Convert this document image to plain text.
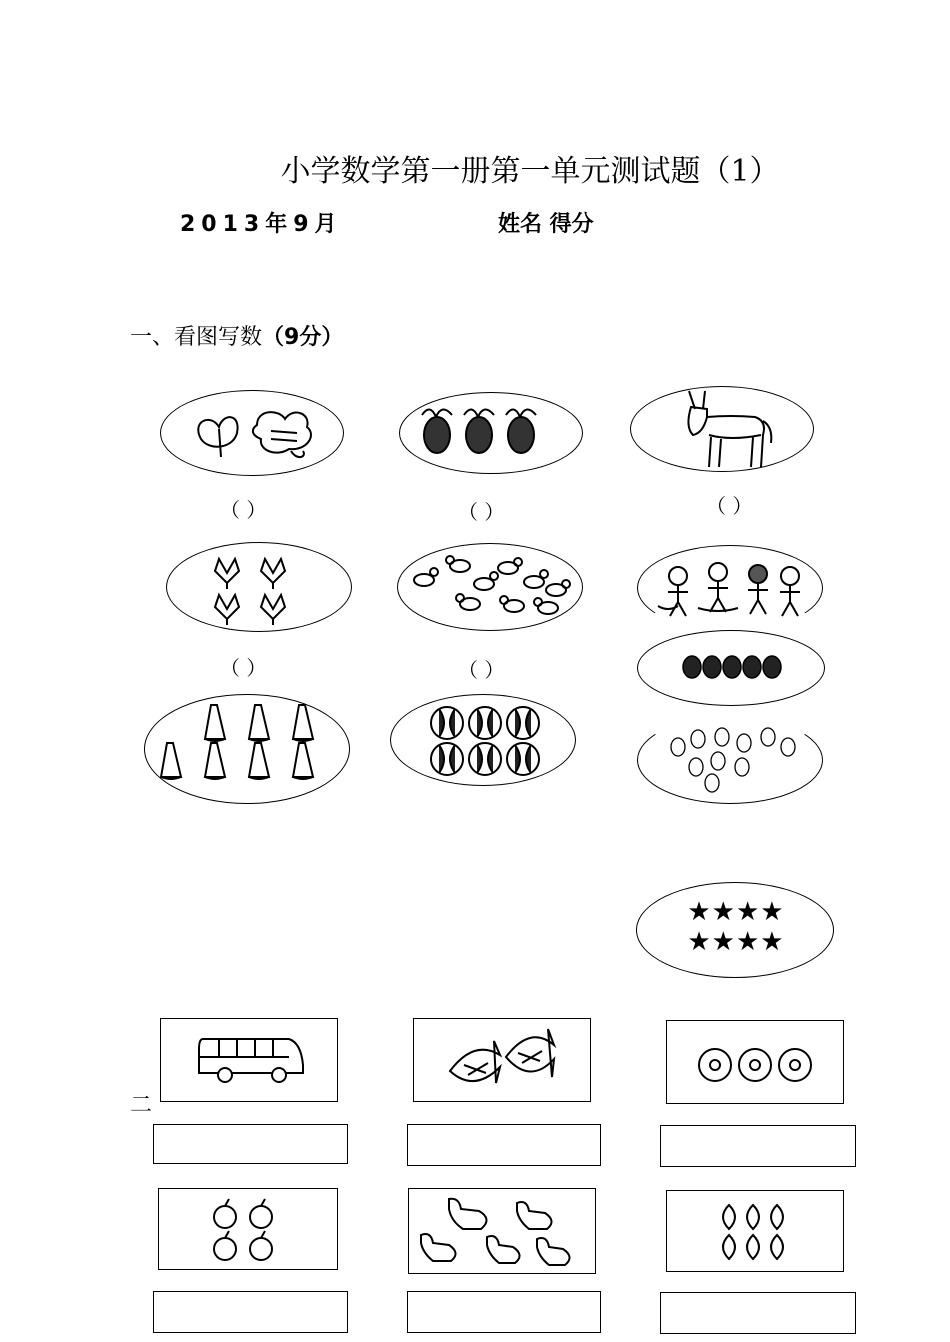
小学数学第一册第一单元测试题（1）
2013年9月	姓名 得分
一、看图写数（9分）
（ ）	（ ）	（ ）
（ ）	（ ）
★★★★
★★★★
二
